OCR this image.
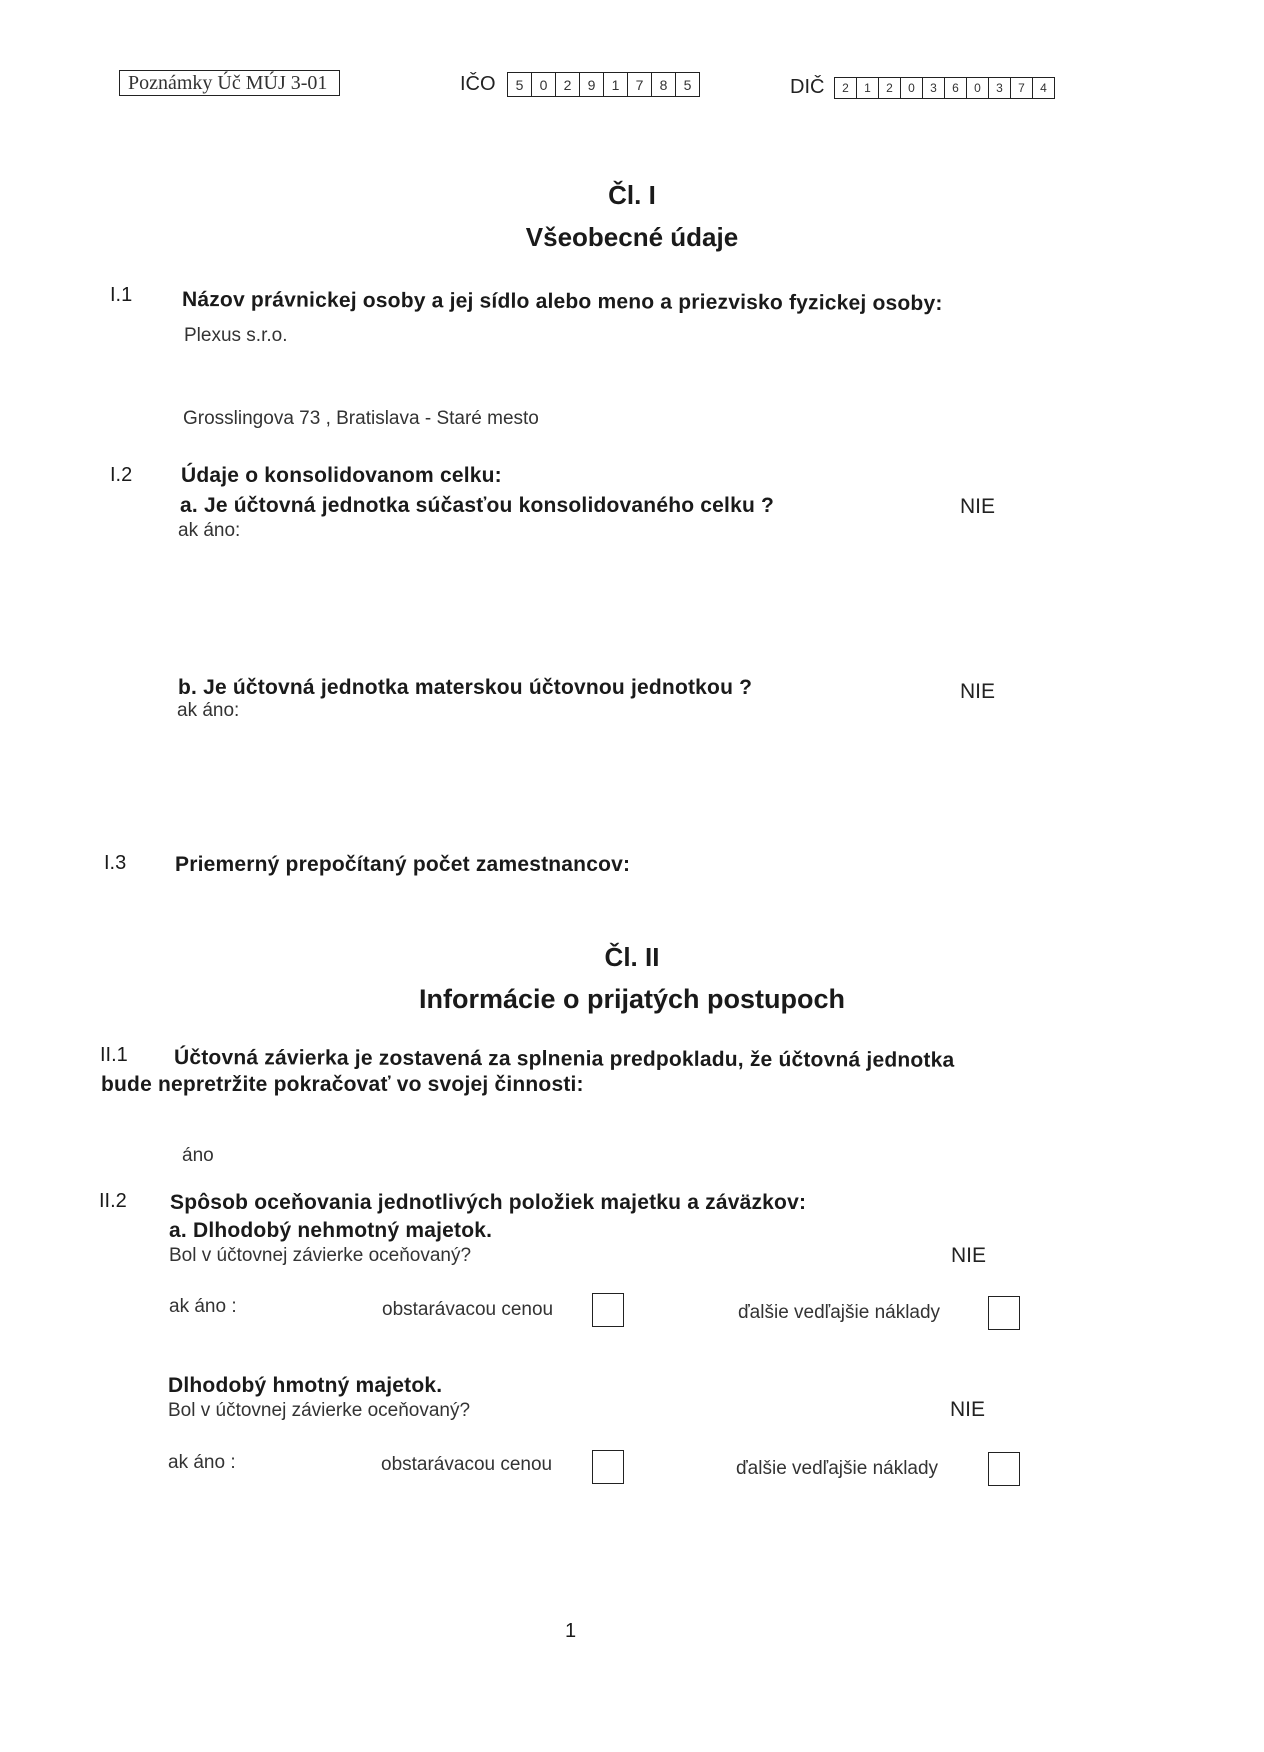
Poznámky Úč MÚJ 3-01	IČO	5	0	2	9	1	7	8	5	DIČ	2	1	2	0	3	6	0	3	7	4
Čl. I
Všeobecné údaje
I.1 Názov právnickej osoby a jej sídlo alebo meno a priezvisko fyzickej osoby:
Plexus s.r.o.
Grosslingova 73 , Bratislava - Staré mesto
I.2 Údaje o konsolidovanom celku:
a. Je účtovná jednotka súčasťou konsolidovaného celku ?	NIE
ak áno:
b. Je účtovná jednotka materskou účtovnou jednotkou ?	NIE
ak áno:
I.3 Priemerný prepočítaný počet zamestnancov:
Čl. II
Informácie o prijatých postupoch
II.1 Účtovná závierka je zostavená za splnenia predpokladu, že účtovná jednotka
bude nepretržite pokračovať vo svojej činnosti:
áno
II.2 Spôsob oceňovania jednotlivých položiek majetku a záväzkov:
a. Dlhodobý nehmotný majetok.
Bol v účtovnej závierke oceňovaný?	NIE
ak áno :	obstarávacou cenou	ďalšie vedľajšie náklady
Dlhodobý hmotný majetok.
Bol v účtovnej závierke oceňovaný?	NIE
ak áno :	obstarávacou cenou	ďalšie vedľajšie náklady
1
